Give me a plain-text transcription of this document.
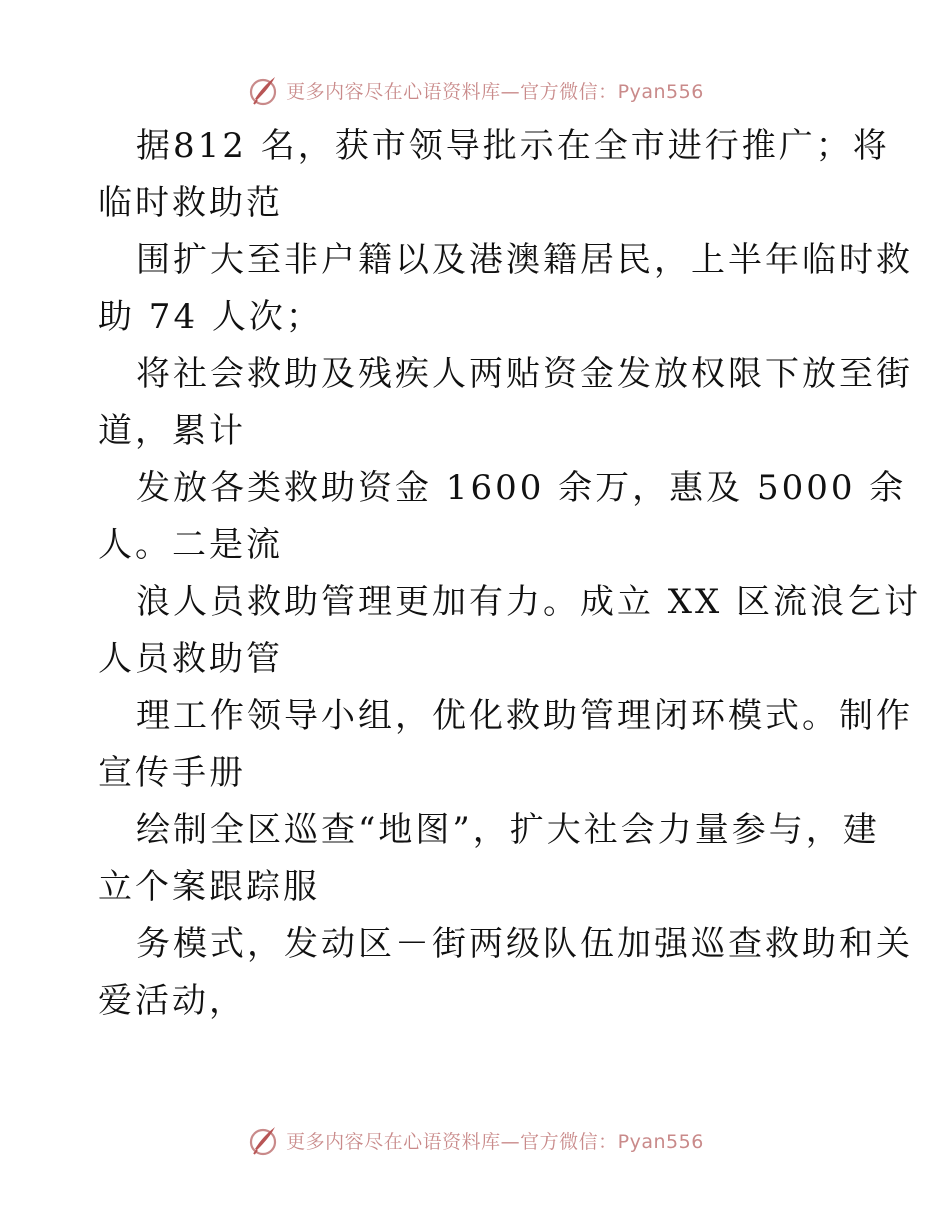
更多内容尽在心语资料库—官方微信：Pyan556
据812 名，获市领导批示在全市进行推广；将
临时救助范
围扩大至非户籍以及港澳籍居民，上半年临时救
助 74 人次；
将社会救助及残疾人两贴资金发放权限下放至街
道，累计
发放各类救助资金 1600 余万，惠及 5000 余
人。二是流
浪人员救助管理更加有力。成立 XX 区流浪乞讨
人员救助管
理工作领导小组，优化救助管理闭环模式。制作
宣传手册
绘制全区巡查“地图”，扩大社会力量参与，建
立个案跟踪服
务模式，发动区－街两级队伍加强巡查救助和关
爱活动，
更多内容尽在心语资料库—官方微信：Pyan556
